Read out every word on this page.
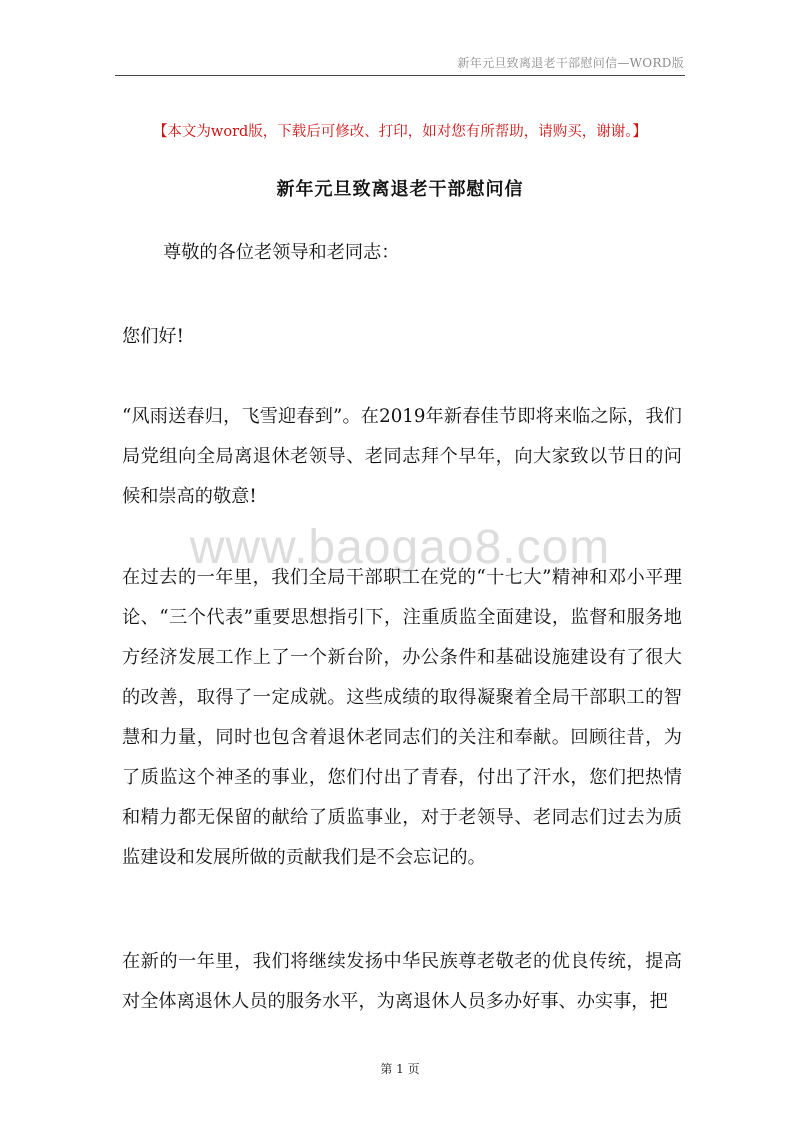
新年元旦致离退老干部慰问信—WORD版
【本文为word版，下载后可修改、打印，如对您有所帮助，请购买，谢谢。】
新年元旦致离退老干部慰问信
尊敬的各位老领导和老同志：
您们好!
“风雨送春归，飞雪迎春到”。在2019年新春佳节即将来临之际，我们局党组向全局离退休老领导、老同志拜个早年，向大家致以节日的问候和崇高的敬意!
www.baogao8.com
在过去的一年里，我们全局干部职工在党的“十七大”精神和邓小平理论、“三个代表”重要思想指引下，注重质监全面建设，监督和服务地方经济发展工作上了一个新台阶，办公条件和基础设施建设有了很大的改善，取得了一定成就。这些成绩的取得凝聚着全局干部职工的智慧和力量，同时也包含着退休老同志们的关注和奉献。回顾往昔，为了质监这个神圣的事业，您们付出了青春，付出了汗水，您们把热情和精力都无保留的献给了质监事业，对于老领导、老同志们过去为质监建设和发展所做的贡献我们是不会忘记的。
在新的一年里，我们将继续发扬中华民族尊老敬老的优良传统，提高对全体离退休人员的服务水平，为离退休人员多办好事、办实事，把
第 1 页
